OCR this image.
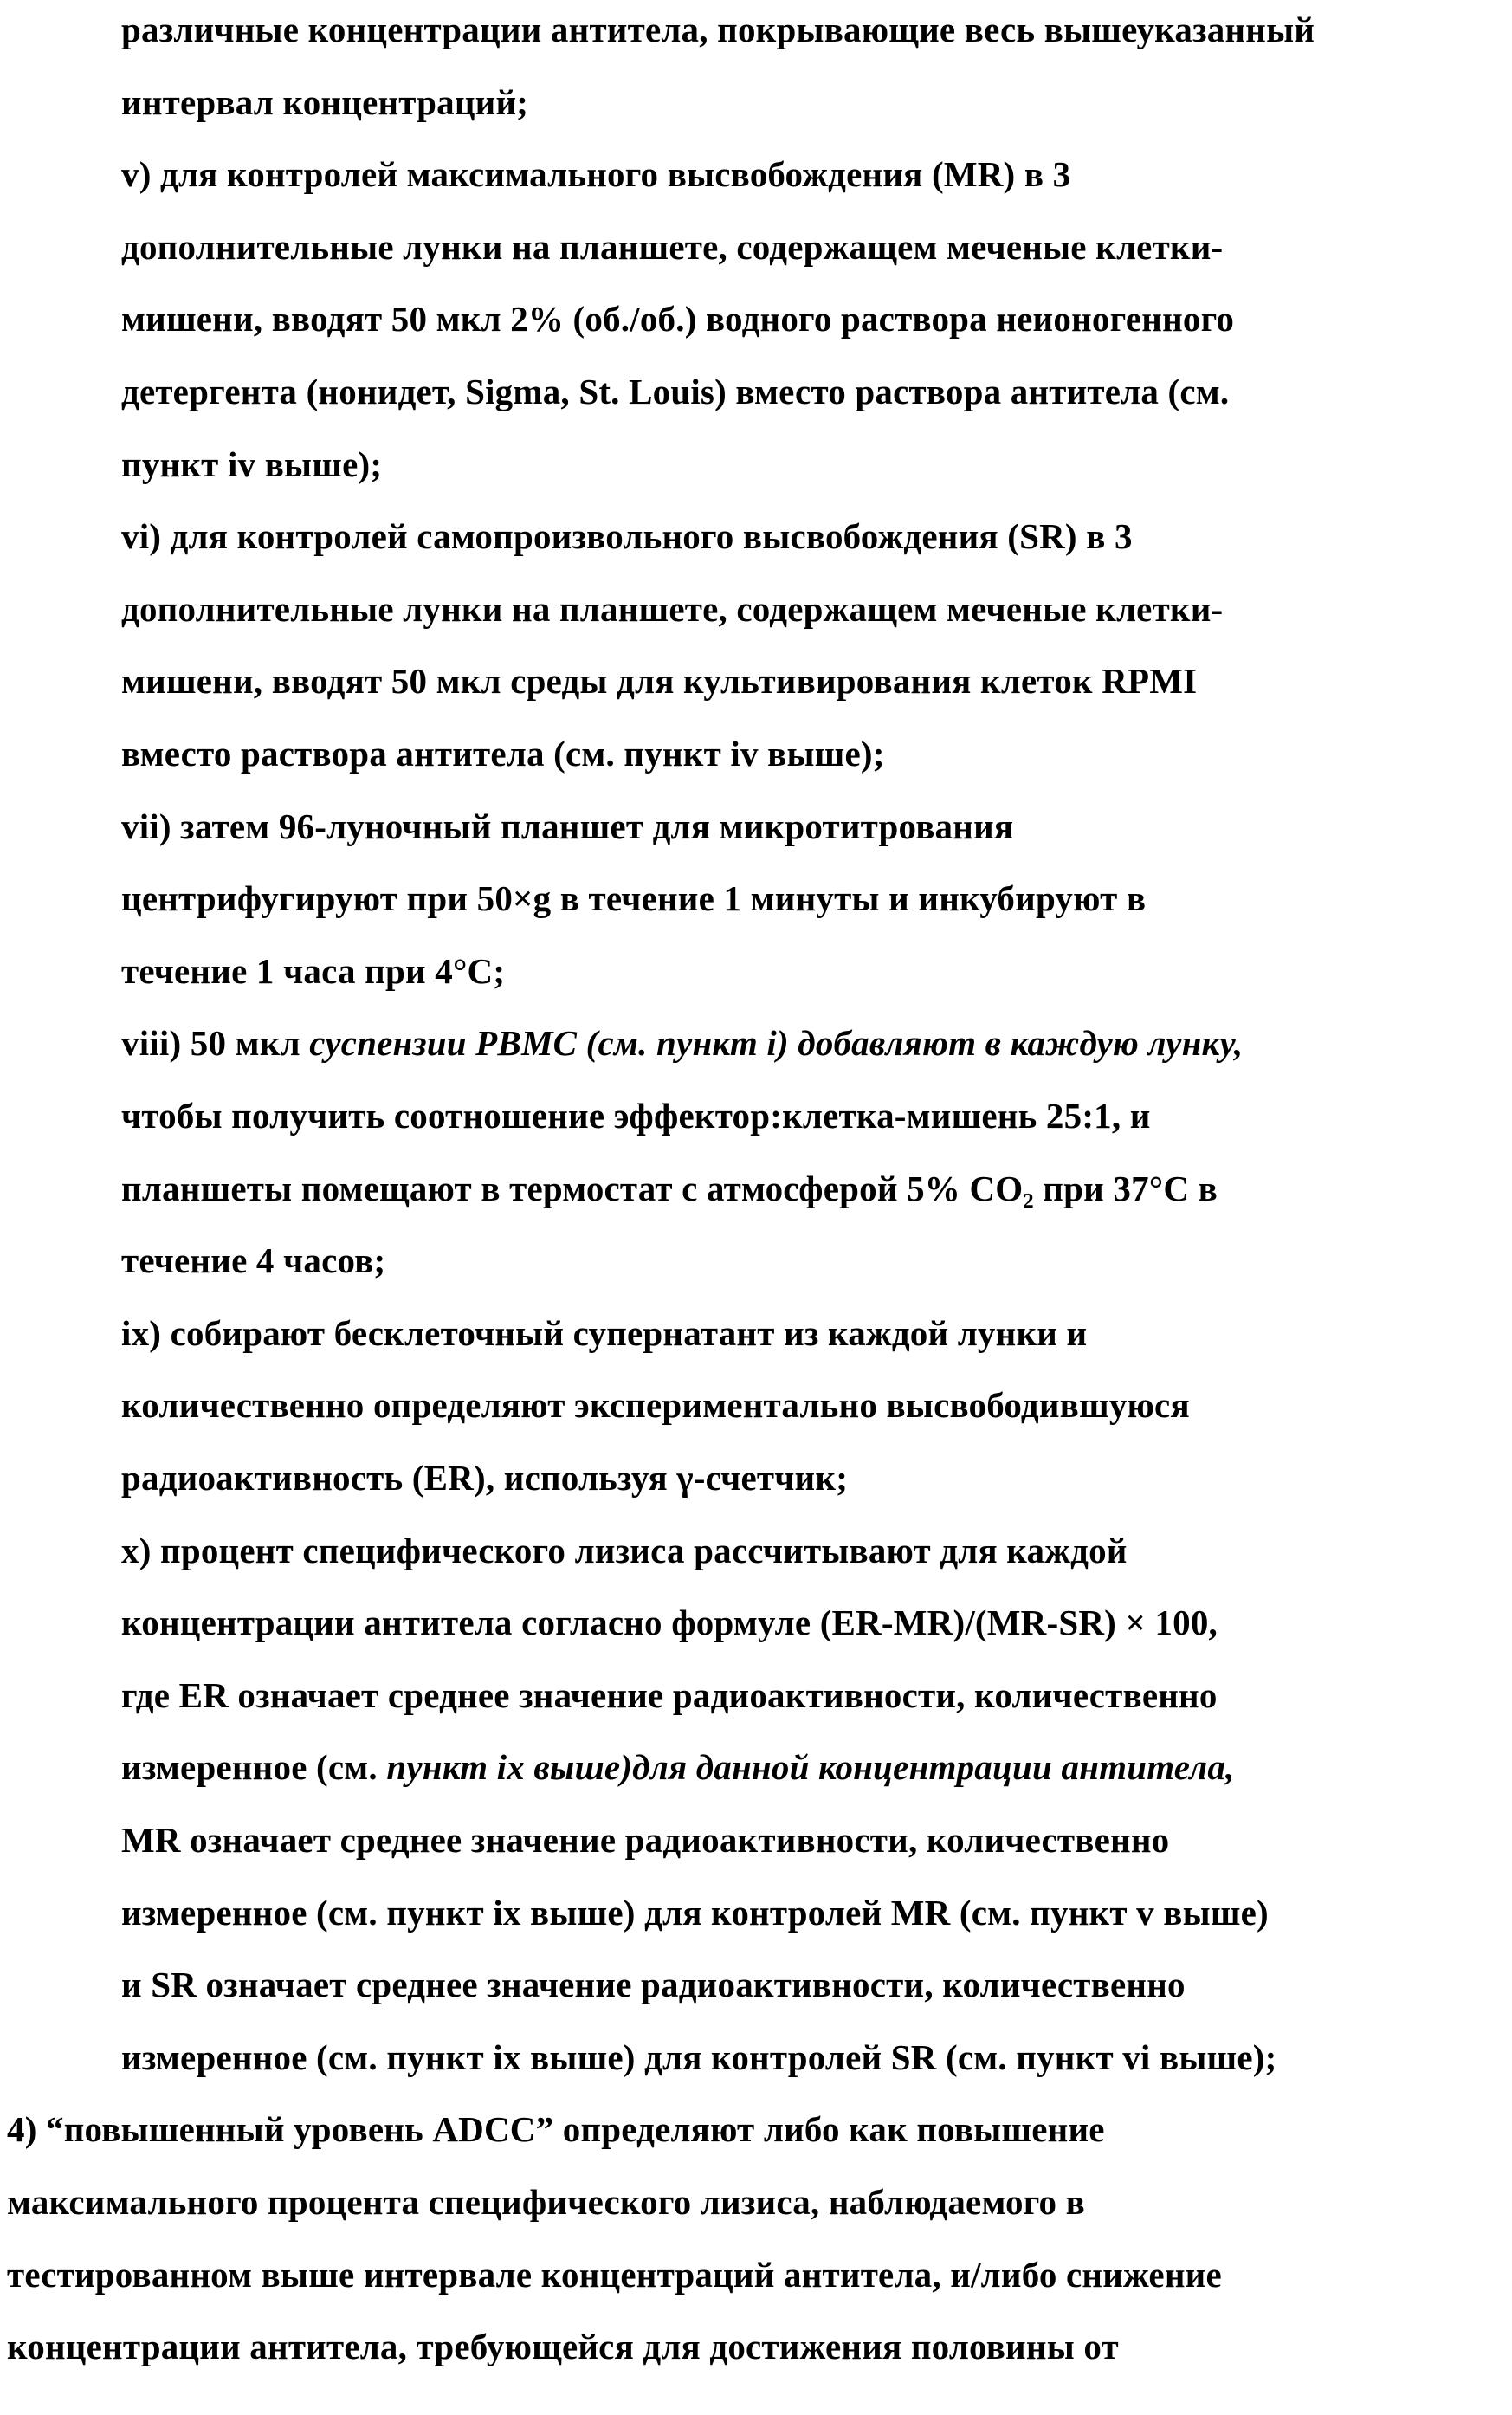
различные концентрации антитела, покрывающие весь вышеуказанный
интервал концентраций;
v) для контролей максимального высвобождения (MR) в 3
дополнительные лунки на планшете, содержащем меченые клетки-
мишени, вводят 50 мкл 2% (об./об.) водного раствора неионогенного
детергента (нонидет, Sigma, St. Louis) вместо раствора антитела (см.
пункт iv выше);
vi) для контролей самопроизвольного высвобождения (SR) в 3
дополнительные лунки на планшете, содержащем меченые клетки-
мишени, вводят 50 мкл среды для культивирования клеток RPMI
вместо раствора антитела (см. пункт iv выше);
vii) затем 96-луночный планшет для микротитрования
центрифугируют при 50×g в течение 1 минуты и инкубируют в
течение 1 часа при 4°С;
viii) 50 мкл суспензии PBMC (см. пункт i) добавляют в каждую лунку,
чтобы получить соотношение эффектор:клетка-мишень 25:1, и
планшеты помещают в термостат с атмосферой 5% CO₂ при 37°С в
течение 4 часов;
ix) собирают бесклеточный супернатант из каждой лунки и
количественно определяют экспериментально высвободившуюся
радиоактивность (ER), используя γ-счетчик;
x) процент специфического лизиса рассчитывают для каждой
концентрации антитела согласно формуле (ER-MR)/(MR-SR) × 100,
где ER означает среднее значение радиоактивности, количественно
измеренное (см. пункт ix выше)для данной концентрации антитела,
MR означает среднее значение радиоактивности, количественно
измеренное (см. пункт ix выше) для контролей MR (см. пункт v выше)
и SR означает среднее значение радиоактивности, количественно
измеренное (см. пункт ix выше) для контролей SR (см. пункт vi выше);
4) “повышенный уровень ADCC” определяют либо как повышение
максимального процента специфического лизиса, наблюдаемого в
тестированном выше интервале концентраций антитела, и/либо снижение
концентрации антитела, требующейся для достижения половины от
